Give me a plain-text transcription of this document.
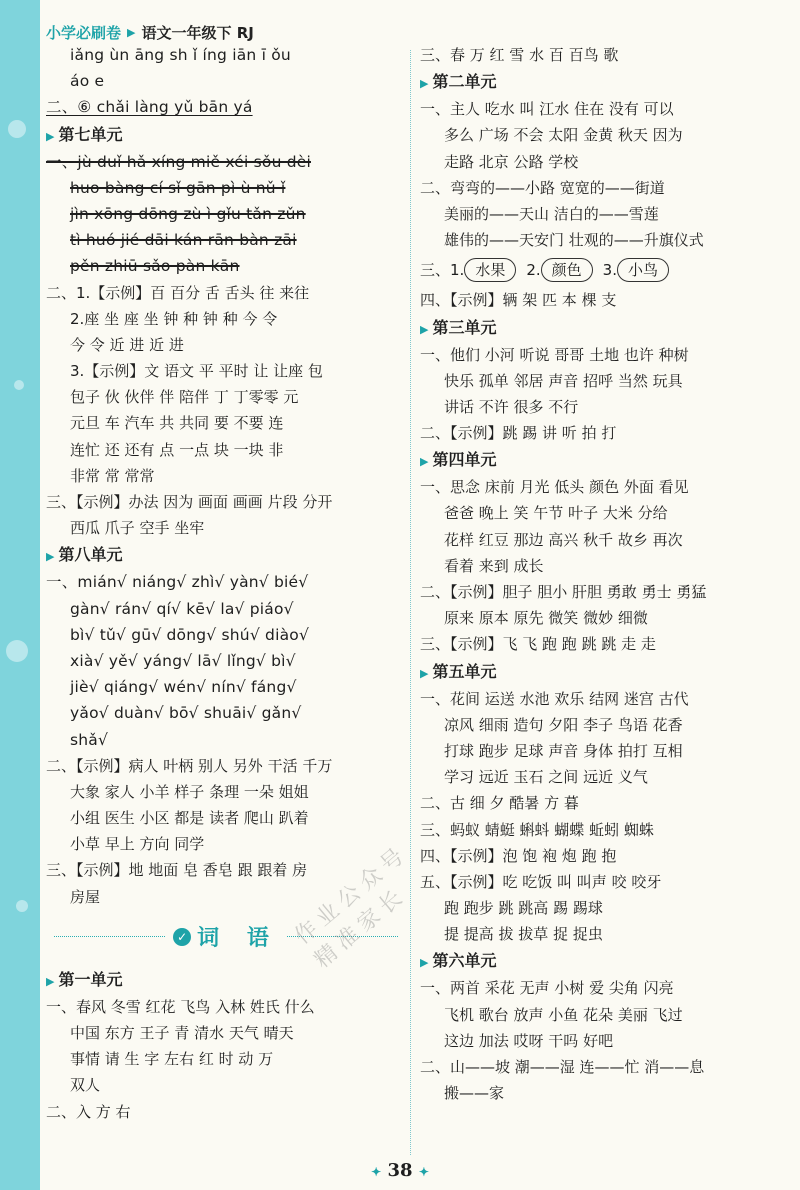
小学必刷卷 ▶ 语文一年级下 RJ
iǎng ùn āng sh ǐ íng iān ī ǒu
áo e
二、⑥ chǎi làng yǔ bān yá
▶ 第七单元
一、jù duǐ hǎ xíng miě xéi sǒu dèi
huo bàng cí sǐ gān pì ù nǔ ǐ
jìn xōng dōng zù ì gǐu tǎn zǔn
tì huó jié dāi kán rān bàn zāi
pěn zhiū sǎo pàn kān
二、1.【示例】百 百分 舌 舌头 往 来往
2.座 坐 座 坐 钟 种 钟 种 今 令
今 令 近 进 近 进
3.【示例】文 语文 平 平时 让 让座 包
包子 伙 伙伴 伴 陪伴 丁 丁零零 元
元旦 车 汽车 共 共同 要 不要 连
连忙 还 还有 点 一点 块 一块 非
非常 常 常常
三、【示例】办法 因为 画面 画画 片段 分开
西瓜 爪子 空手 坐牢
▶ 第八单元
一、mián√ niáng√ zhì√ yàn√ bié√
gàn√ rán√ qí√ kē√ la√ piáo√
bì√ tǔ√ gū√ dōng√ shú√ diào√
xià√ yě√ yáng√ lā√ lǐng√ bì√
jiè√ qiáng√ wén√ nín√ fáng√
yǎo√ duàn√ bō√ shuāi√ gǎn√
shǎ√
二、【示例】病人 叶柄 别人 另外 干活 千万
大象 家人 小羊 样子 条理 一朵 姐姐
小组 医生 小区 都是 读者 爬山 趴着
小草 早上 方向 同学
三、【示例】地 地面 皂 香皂 跟 跟着 房
房屋
✓ 词 语
▶ 第一单元
一、春风 冬雪 红花 飞鸟 入林 姓氏 什么
中国 东方 王子 青 清水 天气 晴天
事情 请 生 字 左右 红 时 动 万
双人
二、入 方 右
三、春 万 红 雪 水 百 百鸟 歌
▶ 第二单元
一、主人 吃水 叫 江水 住在 没有 可以
多么 广场 不会 太阳 金黄 秋天 因为
走路 北京 公路 学校
二、弯弯的——小路 宽宽的——街道
美丽的——天山 洁白的——雪莲
雄伟的——天安门 壮观的——升旗仪式
三、1. 水果 2. 颜色 3. 小鸟
四、【示例】辆 架 匹 本 棵 支
▶ 第三单元
一、他们 小河 听说 哥哥 土地 也许 种树
快乐 孤单 邻居 声音 招呼 当然 玩具
讲话 不许 很多 不行
二、【示例】跳 踢 讲 听 拍 打
▶ 第四单元
一、思念 床前 月光 低头 颜色 外面 看见
爸爸 晚上 笑 午节 叶子 大米 分给
花样 红豆 那边 高兴 秋千 故乡 再次
看着 来到 成长
二、【示例】胆子 胆小 肝胆 勇敢 勇士 勇猛
原来 原本 原先 微笑 微妙 细微
三、【示例】飞 飞 跑 跑 跳 跳 走 走
▶ 第五单元
一、花间 运送 水池 欢乐 结网 迷宫 古代
凉风 细雨 造句 夕阳 李子 鸟语 花香
打球 跑步 足球 声音 身体 拍打 互相
学习 远近 玉石 之间 远近 义气
二、古 细 夕 酷暑 方 暮
三、蚂蚁 蜻蜓 蝌蚪 蝴蝶 蚯蚓 蜘蛛
四、【示例】泡 饱 袍 炮 跑 抱
五、【示例】吃 吃饭 叫 叫声 咬 咬牙
跑 跑步 跳 跳高 踢 踢球
提 提高 拔 拔草 捉 捉虫
▶ 第六单元
一、两首 采花 无声 小树 爱 尖角 闪亮
飞机 歌台 放声 小鱼 花朵 美丽 飞过
这边 加法 哎呀 干吗 好吧
二、山——坡 潮——湿 连——忙 消——息
搬——家
作业公众号 精准家长
✦ 38 ✦
